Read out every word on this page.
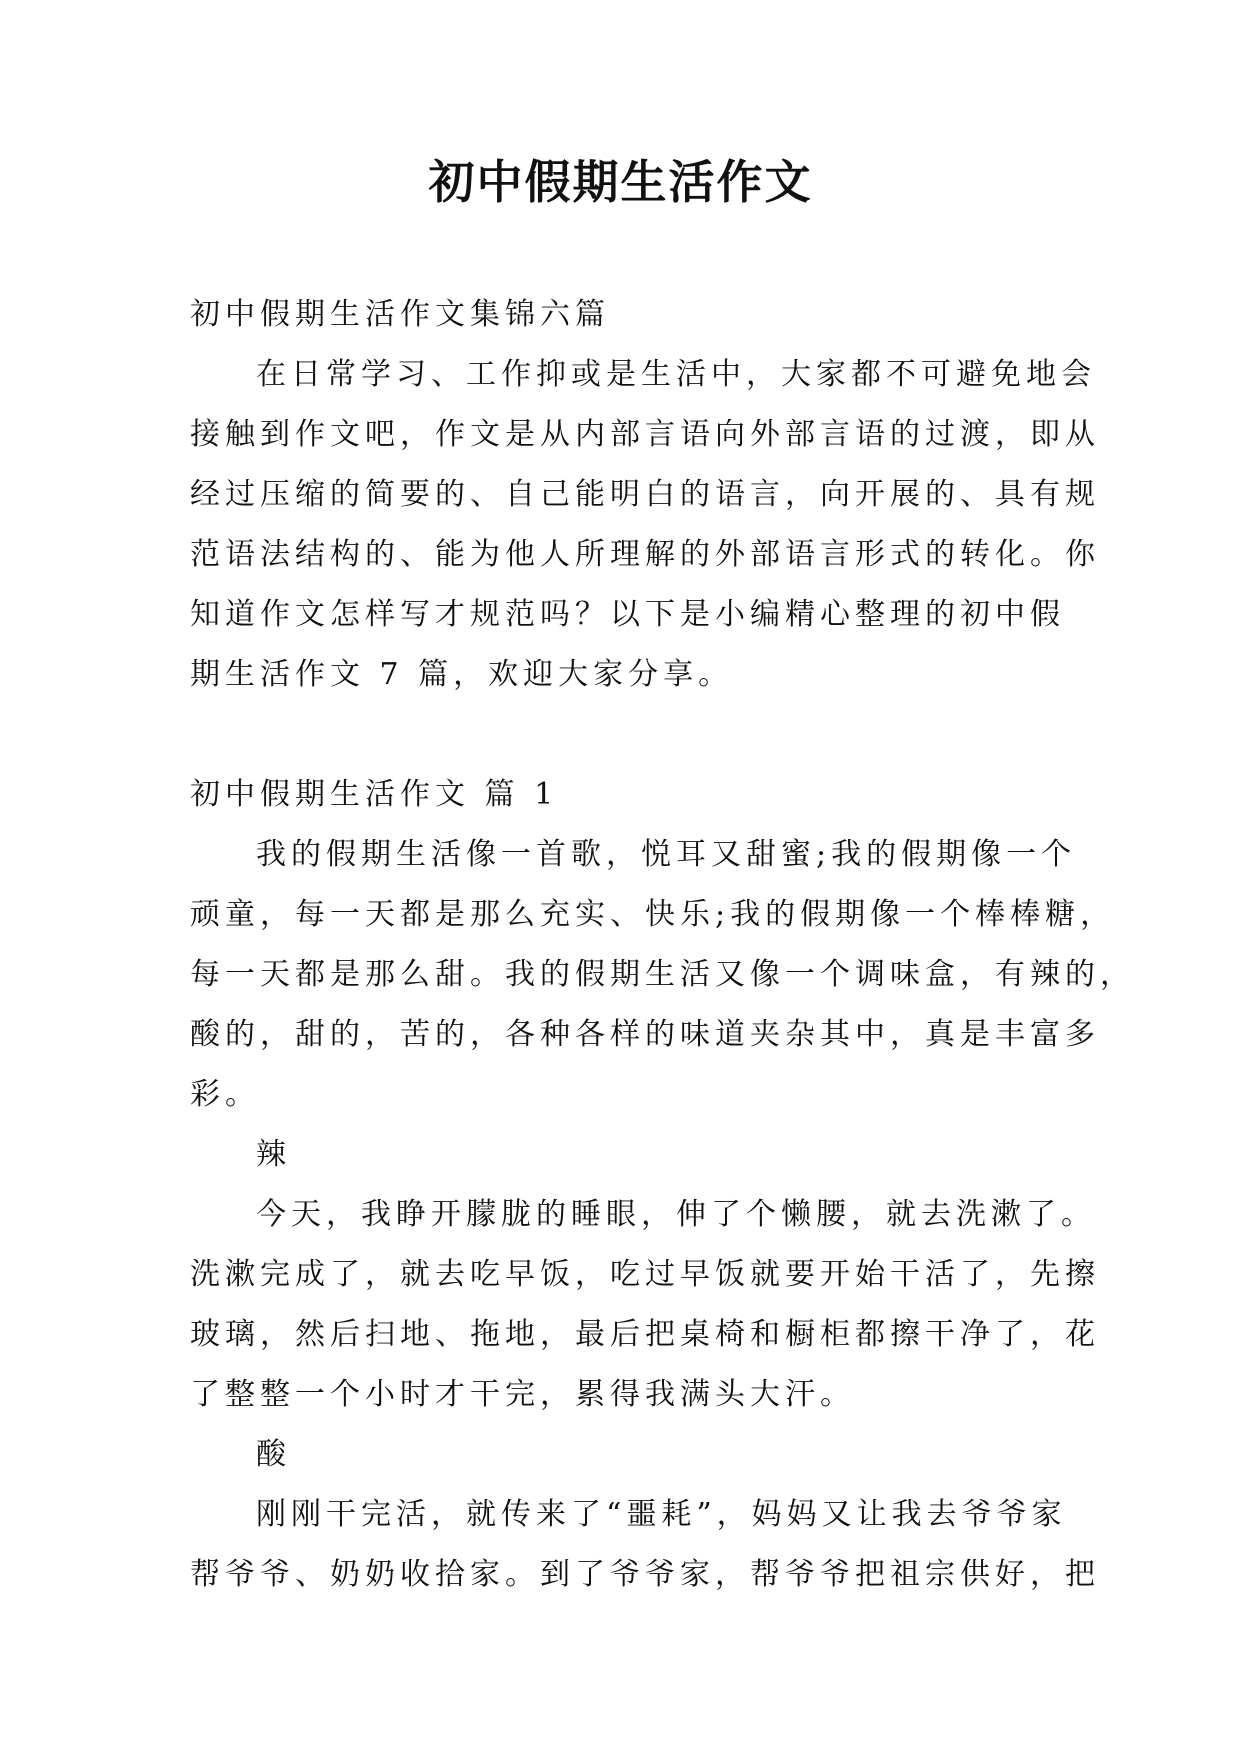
初中假期生活作文
初中假期生活作文集锦六篇
在日常学习、工作抑或是生活中，大家都不可避免地会
接触到作文吧，作文是从内部言语向外部言语的过渡，即从
经过压缩的简要的、自己能明白的语言，向开展的、具有规
范语法结构的、能为他人所理解的外部语言形式的转化。你
知道作文怎样写才规范吗？以下是小编精心整理的初中假
期生活作文 7 篇，欢迎大家分享。
初中假期生活作文 篇 1
我的假期生活像一首歌，悦耳又甜蜜;我的假期像一个
顽童，每一天都是那么充实、快乐;我的假期像一个棒棒糖，
每一天都是那么甜。我的假期生活又像一个调味盒，有辣的，
酸的，甜的，苦的，各种各样的味道夹杂其中，真是丰富多
彩。
辣
今天，我睁开朦胧的睡眼，伸了个懒腰，就去洗漱了。
洗漱完成了，就去吃早饭，吃过早饭就要开始干活了，先擦
玻璃，然后扫地、拖地，最后把桌椅和橱柜都擦干净了，花
了整整一个小时才干完，累得我满头大汗。
酸
刚刚干完活，就传来了“噩耗”，妈妈又让我去爷爷家
帮爷爷、奶奶收拾家。到了爷爷家，帮爷爷把祖宗供好，把
